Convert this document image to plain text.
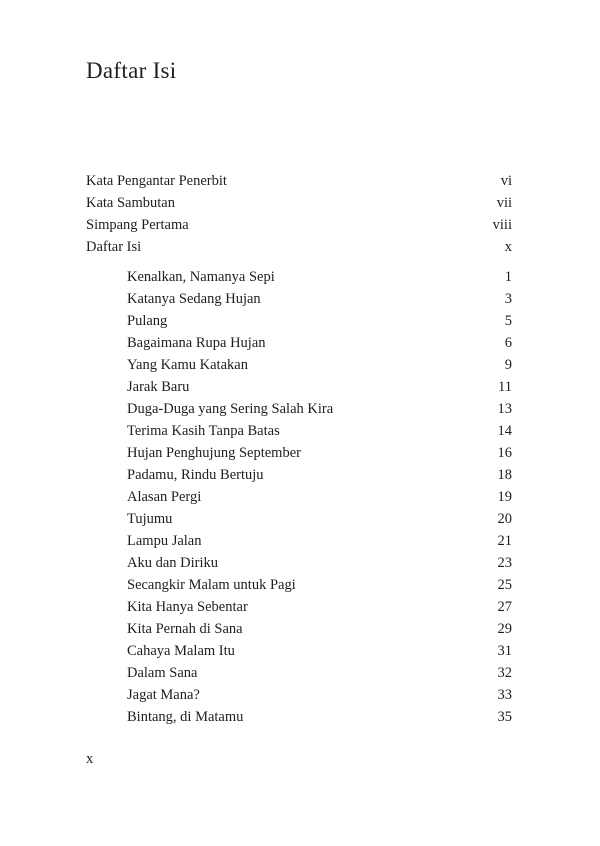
Daftar Isi
Kata Pengantar Penerbit	vi
Kata Sambutan	vii
Simpang Pertama	viii
Daftar Isi	x
Kenalkan, Namanya Sepi	1
Katanya Sedang Hujan	3
Pulang	5
Bagaimana Rupa Hujan	6
Yang Kamu Katakan	9
Jarak Baru	11
Duga-Duga yang Sering Salah Kira	13
Terima Kasih Tanpa Batas	14
Hujan Penghujung September	16
Padamu, Rindu Bertuju	18
Alasan Pergi	19
Tujumu	20
Lampu Jalan	21
Aku dan Diriku	23
Secangkir Malam untuk Pagi	25
Kita Hanya Sebentar	27
Kita Pernah di Sana	29
Cahaya Malam Itu	31
Dalam Sana	32
Jagat Mana?	33
Bintang, di Matamu	35
x
